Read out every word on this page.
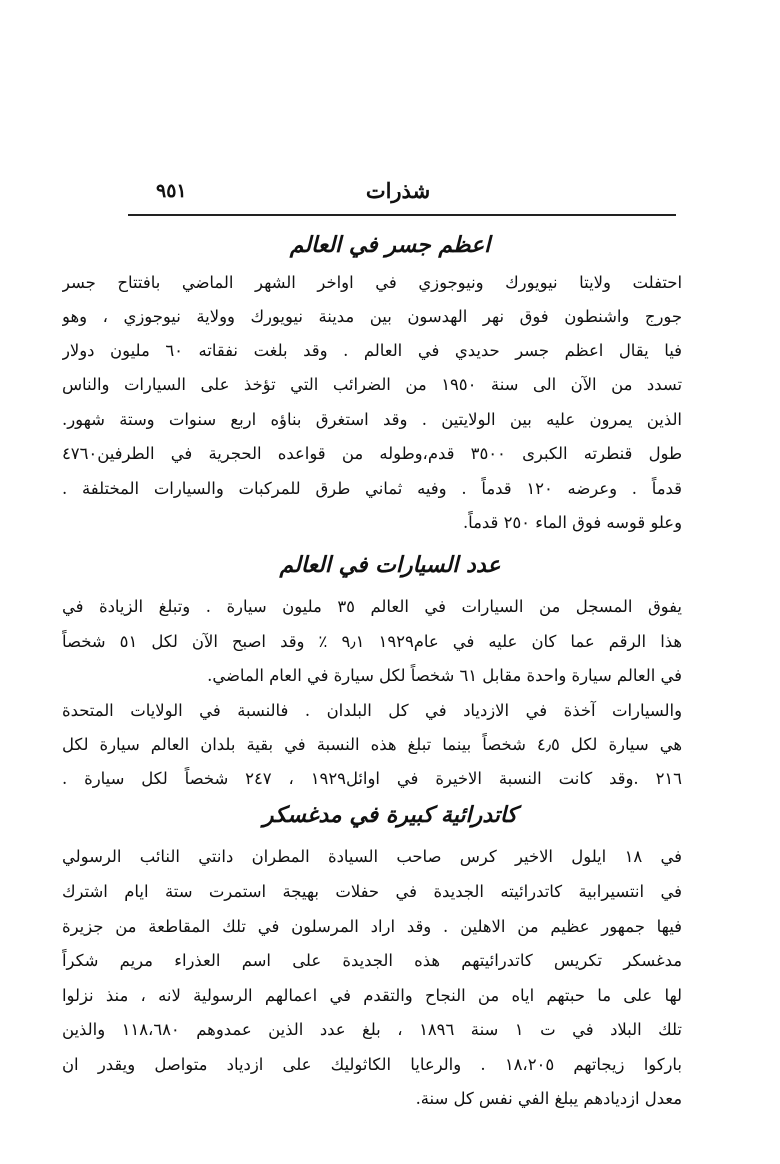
شذرات
٩٥١
اعظم جسر في العالم
احتفلت ولايتا نيويورك ونيوجوزي في اواخر الشهر الماضي بافتتاح جسر
جورج واشنطون فوق نهر الهدسون بين مدينة نيويورك وولاية نيوجوزي ، وهو
فيا يقال اعظم جسر حديدي في العالم . وقد بلغت نفقاته ٦٠ مليون دولار
تسدد من الآن الى سنة ١٩٥٠ من الضرائب التي تؤخذ على السيارات والناس
الذين يمرون عليه بين الولايتين . وقد استغرق بناؤه اربع سنوات وستة شهور.
طول قنطرته الكبرى ٣٥٠٠ قدم،وطوله من قواعده الحجرية في الطرفين٤٧٦٠
قدماً . وعرضه ١٢٠ قدماً . وفيه ثماني طرق للمركبات والسيارات المختلفة .
وعلو قوسه فوق الماء ٢٥٠ قدماً.
عدد السيارات في العالم
يفوق المسجل من السيارات في العالم ٣٥ مليون سيارة . وتبلغ الزيادة في
هذا الرقم عما كان عليه في عام١٩٢٩ ٩٫١ ٪ وقد اصبح الآن لكل ٥١ شخصاً
في العالم سيارة واحدة مقابل ٦١ شخصاً لكل سيارة في العام الماضي.
والسيارات آخذة في الازدياد في كل البلدان . فالنسبة في الولايات المتحدة
هي سيارة لكل ٤٫٥ شخصاً بينما تبلغ هذه النسبة في بقية بلدان العالم سيارة لكل
٢١٦ .وقد كانت النسبة الاخيرة في اوائل١٩٢٩ ، ٢٤٧ شخصاً لكل سيارة .
كاتدرائية كبيرة في مدغسكر
في ١٨ ايلول الاخير كرس صاحب السيادة المطران دانتي النائب الرسولي
في انتسيرابية كاتدرائيته الجديدة في حفلات بهيجة استمرت ستة ايام اشترك
فيها جمهور عظيم من الاهلين . وقد اراد المرسلون في تلك المقاطعة من جزيرة
مدغسكر تكريس كاتدرائيتهم هذه الجديدة على اسم العذراء مريم شكراً
لها على ما حبتهم اياه من النجاح والتقدم في اعمالهم الرسولية لانه ، منذ نزلوا
تلك البلاد في ت ١ سنة ١٨٩٦ ، بلغ عدد الذين عمدوهم ١١٨،٦٨٠ والذين
باركوا زيجاتهم ١٨،٢٠٥ . والرعايا الكاثوليك على ازدياد متواصل ويقدر ان
معدل ازديادهم يبلغ الفي نفس كل سنة.
